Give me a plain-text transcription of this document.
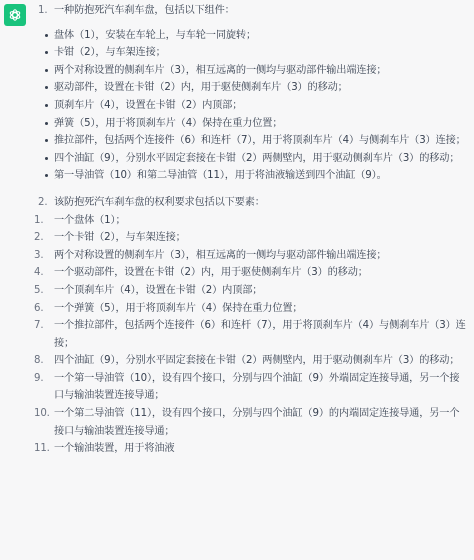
1. 一种防抱死汽车刹车盘，包括以下组件：
盘体（1），安装在车轮上，与车轮一同旋转；
卡钳（2），与车架连接；
两个对称设置的侧刹车片（3），相互远离的一侧均与驱动部件输出端连接；
驱动部件，设置在卡钳（2）内，用于驱使侧刹车片（3）的移动；
顶刹车片（4），设置在卡钳（2）内顶部；
弹簧（5），用于将顶刹车片（4）保持在重力位置；
推拉部件，包括两个连接件（6）和连杆（7），用于将顶刹车片（4）与侧刹车片（3）连接；
四个油缸（9），分别水平固定套接在卡钳（2）两侧壁内，用于驱动侧刹车片（3）的移动；
第一导油管（10）和第二导油管（11），用于将油液输送到四个油缸（9）。
2. 该防抱死汽车刹车盘的权利要求包括以下要素：
1. 一个盘体（1）；
2. 一个卡钳（2），与车架连接；
3. 两个对称设置的侧刹车片（3），相互远离的一侧均与驱动部件输出端连接；
4. 一个驱动部件，设置在卡钳（2）内，用于驱使侧刹车片（3）的移动；
5. 一个顶刹车片（4），设置在卡钳（2）内顶部；
6. 一个弹簧（5），用于将顶刹车片（4）保持在重力位置；
7. 一个推拉部件，包括两个连接件（6）和连杆（7），用于将顶刹车片（4）与侧刹车片（3）连接；
8. 四个油缸（9），分别水平固定套接在卡钳（2）两侧壁内，用于驱动侧刹车片（3）的移动；
9. 一个第一导油管（10），设有四个接口，分别与四个油缸（9）外端固定连接导通，另一个接口与输油装置连接导通；
10. 一个第二导油管（11），设有四个接口，分别与四个油缸（9）的内端固定连接导通，另一个接口与输油装置连接导通；
11. 一个输油装置，用于将油液
